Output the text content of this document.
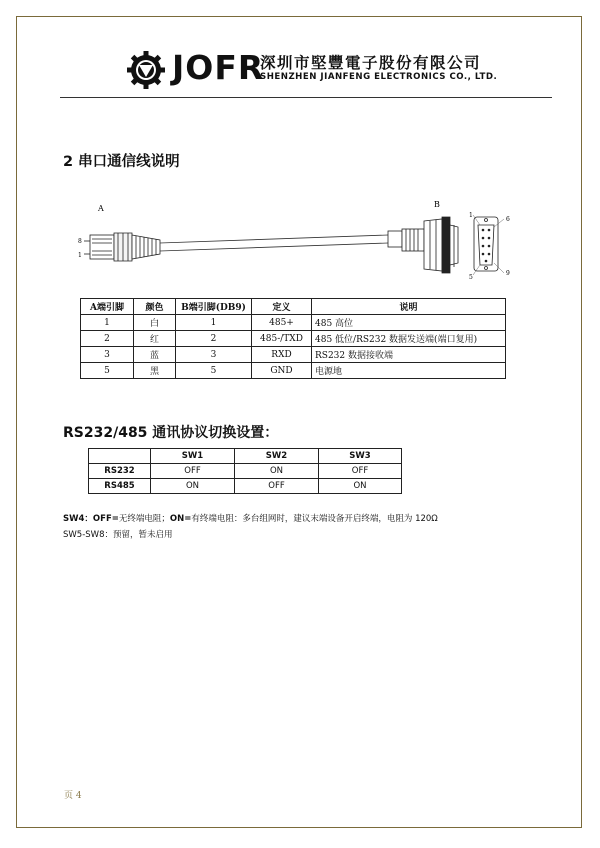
JOFR
深圳市堅豐電子股份有限公司
SHENZHEN JIANFENG ELECTRONICS CO., LTD.
2 串口通信线说明
A	B
8
1
1
6
5
9
A端引脚	颜色	B端引脚(DB9)	定义	说明
1	白	1	485+	485 高位
2	红	2	485-/TXD	485 低位/RS232 数据发送端(端口复用)
3	蓝	3	RXD	RS232 数据接收端
5	黑	5	GND	电源地
RS232/485 通讯协议切换设置：
	SW1	SW2	SW3
RS232	OFF	ON	OFF
RS485	ON	OFF	ON
SW4：OFF=无终端电阻；ON=有终端电阻：多台组网时，建议末端设备开启终端，电阻为 120Ω
SW5-SW8：预留，暂未启用
页 4
